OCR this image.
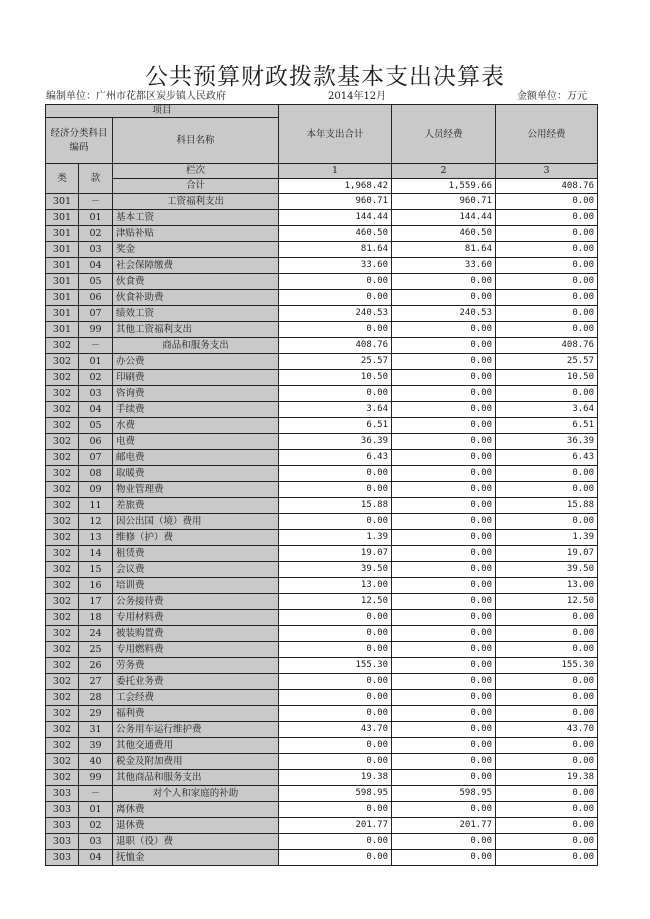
公共预算财政拨款基本支出决算表
编制单位：广州市花都区炭步镇人民政府	2014年12月	金额单位：万元
项目			本年支出合计	人员经费	公用经费
经济分类科目编码		科目名称			
类	款	栏次	1	2	3
		合计	1,968.42	1,559.66	408.76
301	－	工资福利支出	960.71	960.71	0.00
301	01	基本工资	144.44	144.44	0.00
301	02	津贴补贴	460.50	460.50	0.00
301	03	奖金	81.64	81.64	0.00
301	04	社会保障缴费	33.60	33.60	0.00
301	05	伙食费	0.00	0.00	0.00
301	06	伙食补助费	0.00	0.00	0.00
301	07	绩效工资	240.53	240.53	0.00
301	99	其他工资福利支出	0.00	0.00	0.00
302	－	商品和服务支出	408.76	0.00	408.76
302	01	办公费	25.57	0.00	25.57
302	02	印刷费	10.50	0.00	10.50
302	03	咨询费	0.00	0.00	0.00
302	04	手续费	3.64	0.00	3.64
302	05	水费	6.51	0.00	6.51
302	06	电费	36.39	0.00	36.39
302	07	邮电费	6.43	0.00	6.43
302	08	取暖费	0.00	0.00	0.00
302	09	物业管理费	0.00	0.00	0.00
302	11	差旅费	15.88	0.00	15.88
302	12	因公出国（境）费用	0.00	0.00	0.00
302	13	维修（护）费	1.39	0.00	1.39
302	14	租赁费	19.07	0.00	19.07
302	15	会议费	39.50	0.00	39.50
302	16	培训费	13.00	0.00	13.00
302	17	公务接待费	12.50	0.00	12.50
302	18	专用材料费	0.00	0.00	0.00
302	24	被装购置费	0.00	0.00	0.00
302	25	专用燃料费	0.00	0.00	0.00
302	26	劳务费	155.30	0.00	155.30
302	27	委托业务费	0.00	0.00	0.00
302	28	工会经费	0.00	0.00	0.00
302	29	福利费	0.00	0.00	0.00
302	31	公务用车运行维护费	43.70	0.00	43.70
302	39	其他交通费用	0.00	0.00	0.00
302	40	税金及附加费用	0.00	0.00	0.00
302	99	其他商品和服务支出	19.38	0.00	19.38
303	－	对个人和家庭的补助	598.95	598.95	0.00
303	01	离休费	0.00	0.00	0.00
303	02	退休费	201.77	201.77	0.00
303	03	退职（役）费	0.00	0.00	0.00
303	04	抚恤金	0.00	0.00	0.00
